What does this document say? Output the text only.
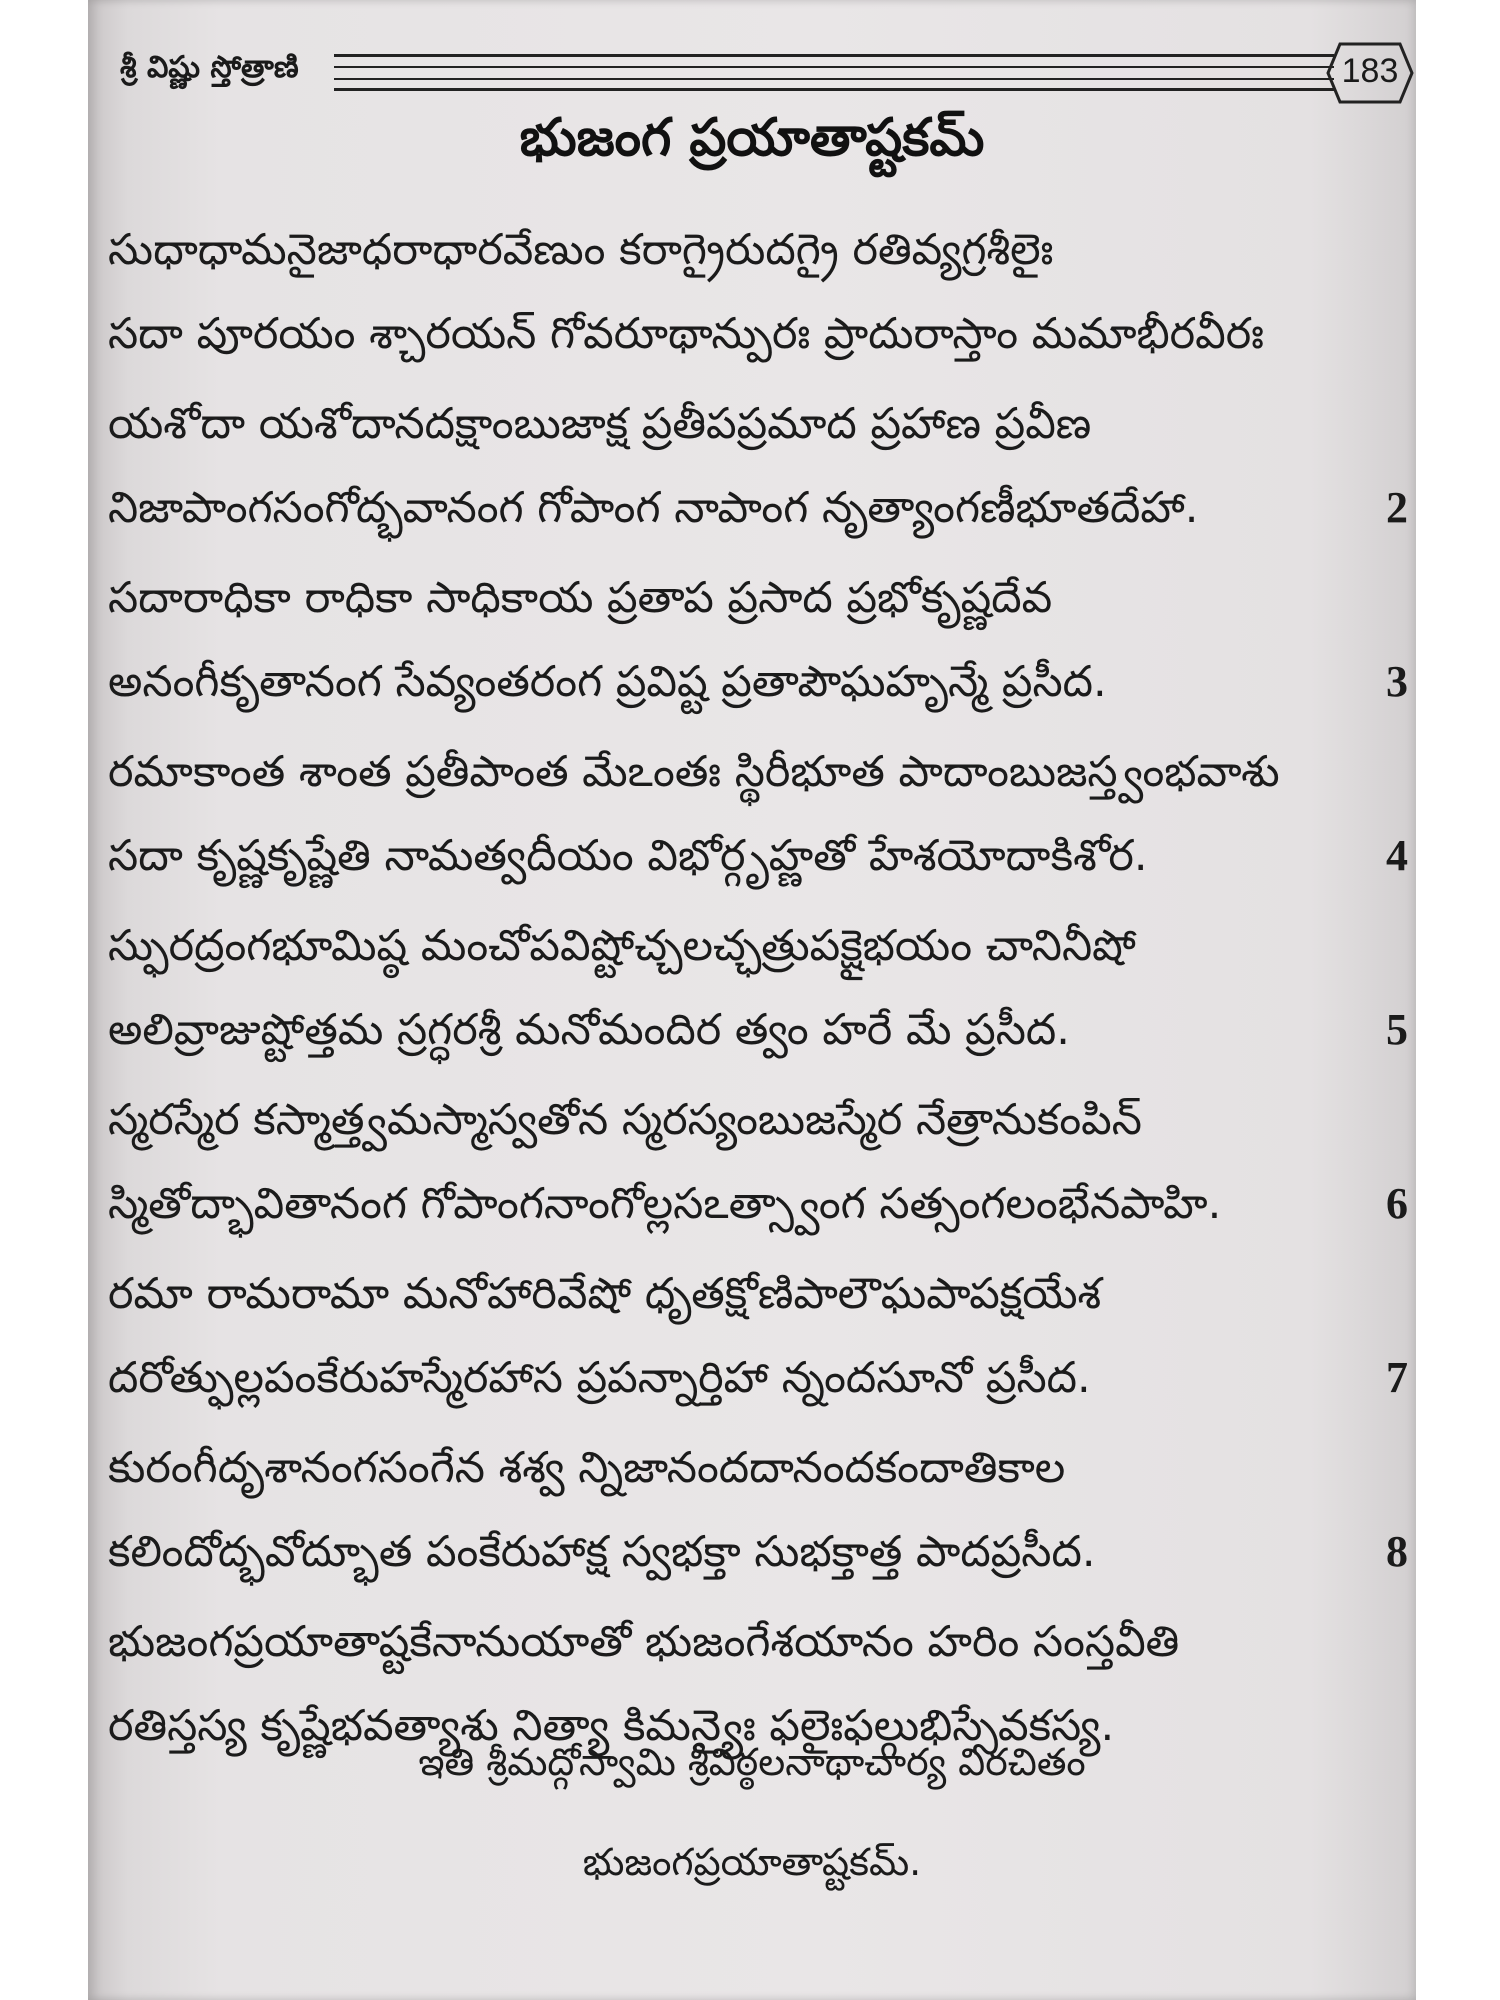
శ్రీ విష్ణు స్తోత్రాణి	183
భుజంగ ప్రయాతాష్టకమ్
సుధాధామనైజాధరాధారవేణుం కరాగ్రైరుదగ్రై రతివ్యగ్రశీలైః
సదా పూరయం శ్చారయన్ గోవరూథాన్పురః ప్రాదురాస్తాం మమాభీరవీరః
యశోదా యశోదానదక్షాంబుజాక్ష ప్రతీపప్రమాద ప్రహాణ ప్రవీణ
నిజాపాంగసంగోద్భవానంగ గోపాంగ నాపాంగ నృత్యాంగణీభూతదేహా.	2
సదారాధికా రాధికా సాధికాయ ప్రతాప ప్రసాద ప్రభోకృష్ణదేవ
అనంగీకృతానంగ సేవ్యంతరంగ ప్రవిష్ట ప్రతాపౌఘహృన్మే ప్రసీద.	3
రమాకాంత శాంత ప్రతీపాంత మేఽంతః స్థిరీభూత పాదాంబుజస్త్వంభవాశు
సదా కృష్ణకృష్ణేతి నామత్వదీయం విభోర్గృహ్ణతో హేశయోదాకిశోర.	4
స్ఫురద్రంగభూమిష్ఠ మంచోపవిష్టోచ్చలచ్ఛత్రుపక్షైభయం చానినీషో
అలివ్రాజుష్టోత్తమ స్రగ్ధరశ్రీ మనోమందిర త్వం హరే మే ప్రసీద.	5
స్మరస్మేర కస్మాత్త్వమస్మాస్వతోన స్మరస్యంబుజస్మేర నేత్రానుకంపిన్
స్మితోద్భావితానంగ గోపాంగనాంగోల్లసఽత్స్వాంగ సత్సంగలంభేనపాహి.	6
రమా రామరామా మనోహారివేషో ధృతక్షోణిపాలౌఘపాపక్షయేశ
దరోత్ఫుల్లపంకేరుహస్మేరహాస ప్రపన్నార్తిహా న్నందసూనో ప్రసీద.	7
కురంగీదృశానంగసంగేన శశ్వ న్నిజానందదానందకందాతికాల
కలిందోద్భవోద్భూత పంకేరుహాక్ష స్వభక్తా సుభక్తాత్త పాదప్రసీద.	8
భుజంగప్రయాతాష్టకేనానుయాతో భుజంగేశయానం హరిం సంస్తవీతి
రతిస్తస్య కృష్ణేభవత్యాశు నిత్యా కిమన్యైః ఫలైఃఫల్గుభిస్సేవకస్య.
ఇతి శ్రీమద్గోస్వామి శ్రీవిఠ్ఠలనాథాచార్య విరచితం
భుజంగప్రయాతాష్టకమ్.
